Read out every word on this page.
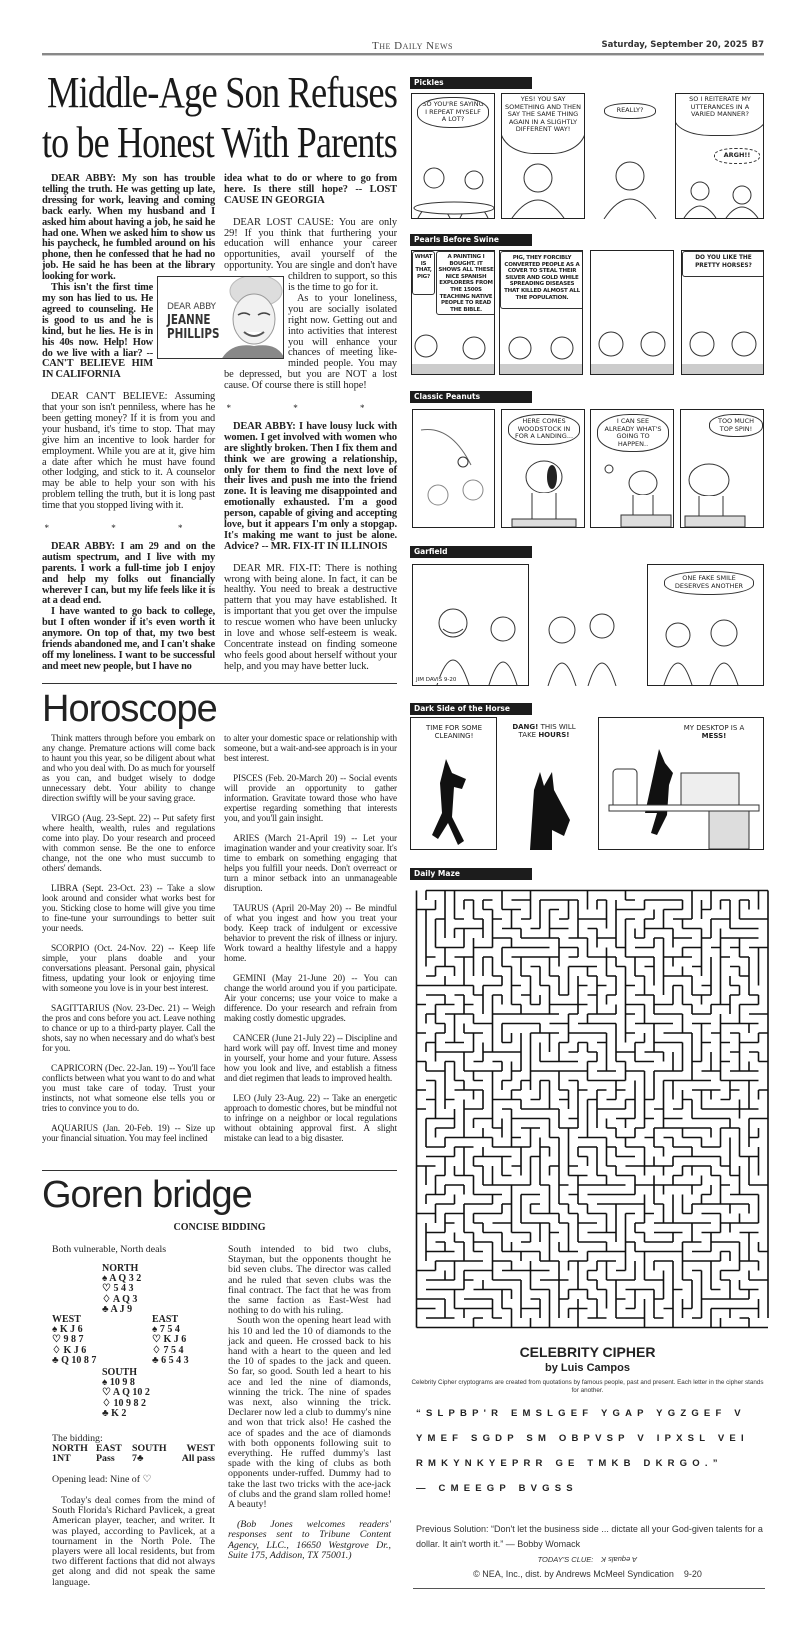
The Daily News	Saturday, September 20, 2025 B7
Middle-Age Son Refuses
to be Honest With Parents

DEAR ABBY: My son has trouble telling the truth. He was getting up late, dressing for work, leaving and coming back early. When my husband and I asked him about having a job, he said he had one. When we asked him to show us his paycheck, he fumbled around on his phone, then he confessed that he had no job. He said he has been at the library looking for work.

This isn't the first time my son has lied to us. He agreed to counseling. He is good to us and he is kind, but he lies. He is in his 40s now. Help! How do we live with a liar? -- CAN'T BELIEVE HIM IN CALIFORNIA

DEAR CAN'T BELIEVE: Assuming that your son isn't penniless, where has he been getting money? If it is from you and your husband, it's time to stop. That may give him an incentive to look harder for employment. While you are at it, give him a date after which he must have found other lodging, and stick to it. A counselor may be able to help your son with his problem telling the truth, but it is long past time that you stopped living with it.

* * *

DEAR ABBY: I am 29 and on the autism spectrum, and I live with my parents. I work a full-time job I enjoy and help my folks out financially wherever I can, but my life feels like it is at a dead end.

I have wanted to go back to college, but I often wonder if it's even worth it anymore. On top of that, my two best friends abandoned me, and I can't shake off my loneliness. I want to be successful and meet new people, but I have no

idea what to do or where to go from here. Is there still hope? -- LOST CAUSE IN GEORGIA

DEAR LOST CAUSE: You are only 29! If you think that furthering your education will enhance your career opportunities, avail yourself of the opportunity. You are single and don't have children to support, so this is the time to go for it.

As to your loneliness, you are socially isolated right now. Getting out and into activities that interest you will enhance your chances of meeting like-minded people. You may be depressed, but you are NOT a lost cause. Of course there is still hope!

* * *

DEAR ABBY: I have lousy luck with women. I get involved with women who are slightly broken. Then I fix them and think we are growing a relationship, only for them to find the next love of their lives and push me into the friend zone. It is leaving me disappointed and emotionally exhausted. I'm a good person, capable of giving and accepting love, but it appears I'm only a stopgap. It's making me want to just be alone. Advice? -- MR. FIX-IT IN ILLINOIS

DEAR MR. FIX-IT: There is nothing wrong with being alone. In fact, it can be healthy. You need to break a destructive pattern that you may have established. It is important that you get over the impulse to rescue women who have been unlucky in love and whose self-esteem is weak. Concentrate instead on finding someone who feels good about herself without your help, and you may have better luck.

DEAR ABBY
JEANNE
PHILLIPS
Horoscope

Think matters through before you embark on any change. Premature actions will come back to haunt you this year, so be diligent about what and who you deal with. Do as much for yourself as you can, and budget wisely to dodge unnecessary debt. Your ability to change direction swiftly will be your saving grace.

VIRGO (Aug. 23-Sept. 22) -- Put safety first where health, wealth, rules and regulations come into play. Do your research and proceed with common sense. Be the one to enforce change, not the one who must succumb to others' demands.

LIBRA (Sept. 23-Oct. 23) -- Take a slow look around and consider what works best for you. Sticking close to home will give you time to fine-tune your surroundings to better suit your needs.

SCORPIO (Oct. 24-Nov. 22) -- Keep life simple, your plans doable and your conversations pleasant. Personal gain, physical fitness, updating your look or enjoying time with someone you love is in your best interest.

SAGITTARIUS (Nov. 23-Dec. 21) -- Weigh the pros and cons before you act. Leave nothing to chance or up to a third-party player. Call the shots, say no when necessary and do what's best for you.

CAPRICORN (Dec. 22-Jan. 19) -- You'll face conflicts between what you want to do and what you must take care of today. Trust your instincts, not what someone else tells you or tries to convince you to do.

AQUARIUS (Jan. 20-Feb. 19) -- Size up your financial situation. You may feel inclined

to alter your domestic space or relationship with someone, but a wait-and-see approach is in your best interest.

PISCES (Feb. 20-March 20) -- Social events will provide an opportunity to gather information. Gravitate toward those who have expertise regarding something that interests you, and you'll gain insight.

ARIES (March 21-April 19) -- Let your imagination wander and your creativity soar. It's time to embark on something engaging that helps you fulfill your needs. Don't overreact or turn a minor setback into an unmanageable disruption.

TAURUS (April 20-May 20) -- Be mindful of what you ingest and how you treat your body. Keep track of indulgent or excessive behavior to prevent the risk of illness or injury. Work toward a healthy lifestyle and a happy home.

GEMINI (May 21-June 20) -- You can change the world around you if you participate. Air your concerns; use your voice to make a difference. Do your research and refrain from making costly domestic upgrades.

CANCER (June 21-July 22) -- Discipline and hard work will pay off. Invest time and money in yourself, your home and your future. Assess how you look and live, and establish a fitness and diet regimen that leads to improved health.

LEO (July 23-Aug. 22) -- Take an energetic approach to domestic chores, but be mindful not to infringe on a neighbor or local regulations without obtaining approval first. A slight mistake can lead to a big disaster.

Goren bridge
CONCISE BIDDING
Both vulnerable, North deals
NORTH
♠ A Q 3 2
♡ 5 4 3
♢ A Q 3
♣ A J 9
WEST
♠ K J 6
♡ 9 8 7
♢ K J 6
♣ Q 10 8 7
EAST
♠ 7 5 4
♡ K J 6
♢ 7 5 4
♣ 6 5 4 3
SOUTH
♠ 10 9 8
♡ A Q 10 2
♢ 10 9 8 2
♣ K 2
The bidding:
NORTH EAST	SOUTH	WEST
1NT	Pass	7♣	All pass
Opening lead: Nine of ♡

Today's deal comes from the mind of South Florida's Richard Pavlicek, a great American player, teacher, and writer. It was played, according to Pavlicek, at a tournament in the North Pole. The players were all local residents, but from two different factions that did not always get along and did not speak the same language.

South intended to bid two clubs, Stayman, but the opponents thought he bid seven clubs. The director was called and he ruled that seven clubs was the final contract. The fact that he was from the same faction as East-West had nothing to do with his ruling.

South won the opening heart lead with his 10 and led the 10 of diamonds to the jack and queen. He crossed back to his hand with a heart to the queen and led the 10 of spades to the jack and queen. So far, so good. South led a heart to his ace and led the nine of diamonds, winning the trick. The nine of spades was next, also winning the trick. Declarer now led a club to dummy's nine and won that trick also! He cashed the ace of spades and the ace of diamonds with both opponents following suit to everything. He ruffed dummy's last spade with the king of clubs as both opponents under-ruffed. Dummy had to take the last two tricks with the ace-jack of clubs and the grand slam rolled home! A beauty!

(Bob Jones welcomes readers' responses sent to Tribune Content Agency, LLC., 16650 Westgrove Dr., Suite 175, Addison, TX 75001.)

Pickles
SO YOU'RE SAYING I REPEAT MYSELF A LOT?
YES! YOU SAY SOMETHING AND THEN SAY THE SAME THING AGAIN IN A SLIGHTLY DIFFERENT WAY!
REALLY?
SO I REITERATE MY UTTERANCES IN A VARIED MANNER?
ARGH!!
Pearls Before Swine
WHAT IS THAT, PIG?
A PAINTING I BOUGHT. IT SHOWS ALL THESE NICE SPANISH EXPLORERS FROM THE 1500S TEACHING NATIVE PEOPLE TO READ THE BIBLE.
PIG, THEY FORCIBLY CONVERTED PEOPLE AS A COVER TO STEAL THEIR SILVER AND GOLD WHILE SPREADING DISEASES THAT KILLED ALMOST ALL THE POPULATION.
DO YOU LIKE THE PRETTY HORSES?
Classic Peanuts
HERE COMES WOODSTOCK IN FOR A LANDING...
I CAN SEE ALREADY WHAT'S GOING TO HAPPEN..
TOO MUCH TOP SPIN!
Garfield
JIM DAVIS 9-20
ONE FAKE SMILE DESERVES ANOTHER
Dark Side of the Horse
TIME FOR SOME CLEANING!
DANG! THIS WILL TAKE HOURS!
MY DESKTOP IS A MESS!
Daily Maze
CELEBRITY CIPHER
by Luis Campos
Celebrity Cipher cryptograms are created from quotations by famous people, past and present. Each letter in the cipher stands for another.
“SLPBP'R EMSLGEF YGAP YGZGEF V
YMEF SGDP SM OBPVSP V IPXSL VEI
RMKYNKYEPRR GE TMKB DKRGO.”
— CMEEGP BVGSS
Previous Solution: “Don't let the business side ... dictate all your God-given talents for a dollar. It ain't worth it.” — Bobby Womack
TODAY'S CLUE: A equals K
© NEA, Inc., dist. by Andrews McMeel Syndication    9-20
